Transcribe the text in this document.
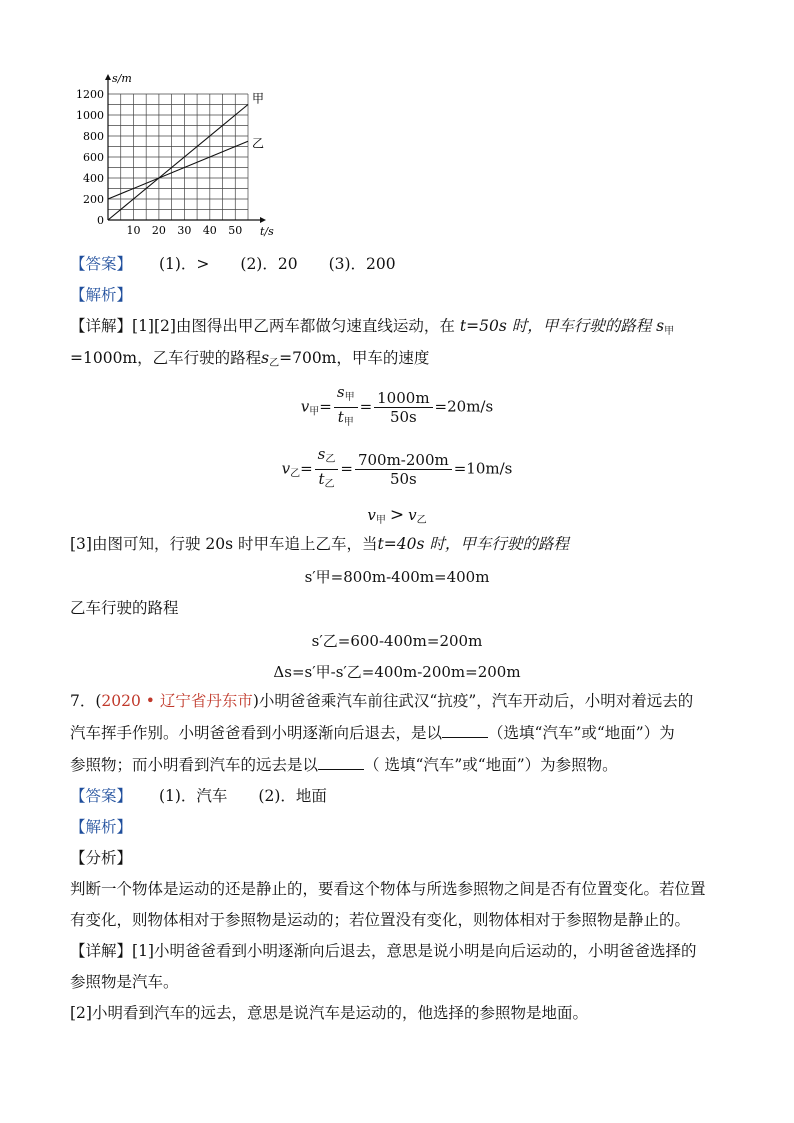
10 20 30 40 50
0
200
400
600
800
1000
1200
t/s
s/m
甲
乙
【答案】 (1)．>　　(2)．20　　(3)．200
【解析】
【详解】[1][2]由图得出甲乙两车都做匀速直线运动，在 t=50s 时，甲车行驶的路程 $s_甲$
=1000m，乙车行驶的路程$s_乙=700m$，甲车的速度
$v_甲= \frac{s_甲}{t_甲} = \frac{1000m}{50s} =20m/s$
$v_乙= \frac{s_乙}{t_乙} = \frac{700m-200m}{50s} =10m/s$
$v_甲 > v_乙$
[3]由图可知，行驶 20s 时甲车追上乙车，当t=40s 时，甲车行驶的路程
s′甲=800m-400m=400m
乙车行驶的路程
s′乙=600-400m=200m
Δs=s′甲-s′乙=400m-200m=200m
7．(2020 • 辽宁省丹东市)小明爸爸乘汽车前往武汉“抗疫”，汽车开动后，小明对着远去的
汽车挥手作别。小明爸爸看到小明逐渐向后退去，是以	（选填“汽车”或“地面”）为
参照物；而小明看到汽车的远去是以	（ 选填“汽车”或“地面”）为参照物。
【答案】 (1)．汽车　　(2)．地面
【解析】
【分析】
判断一个物体是运动的还是静止的，要看这个物体与所选参照物之间是否有位置变化。若位置
有变化，则物体相对于参照物是运动的；若位置没有变化，则物体相对于参照物是静止的。
【详解】[1]小明爸爸看到小明逐渐向后退去，意思是说小明是向后运动的，小明爸爸选择的
参照物是汽车。
[2]小明看到汽车的远去，意思是说汽车是运动的，他选择的参照物是地面。
